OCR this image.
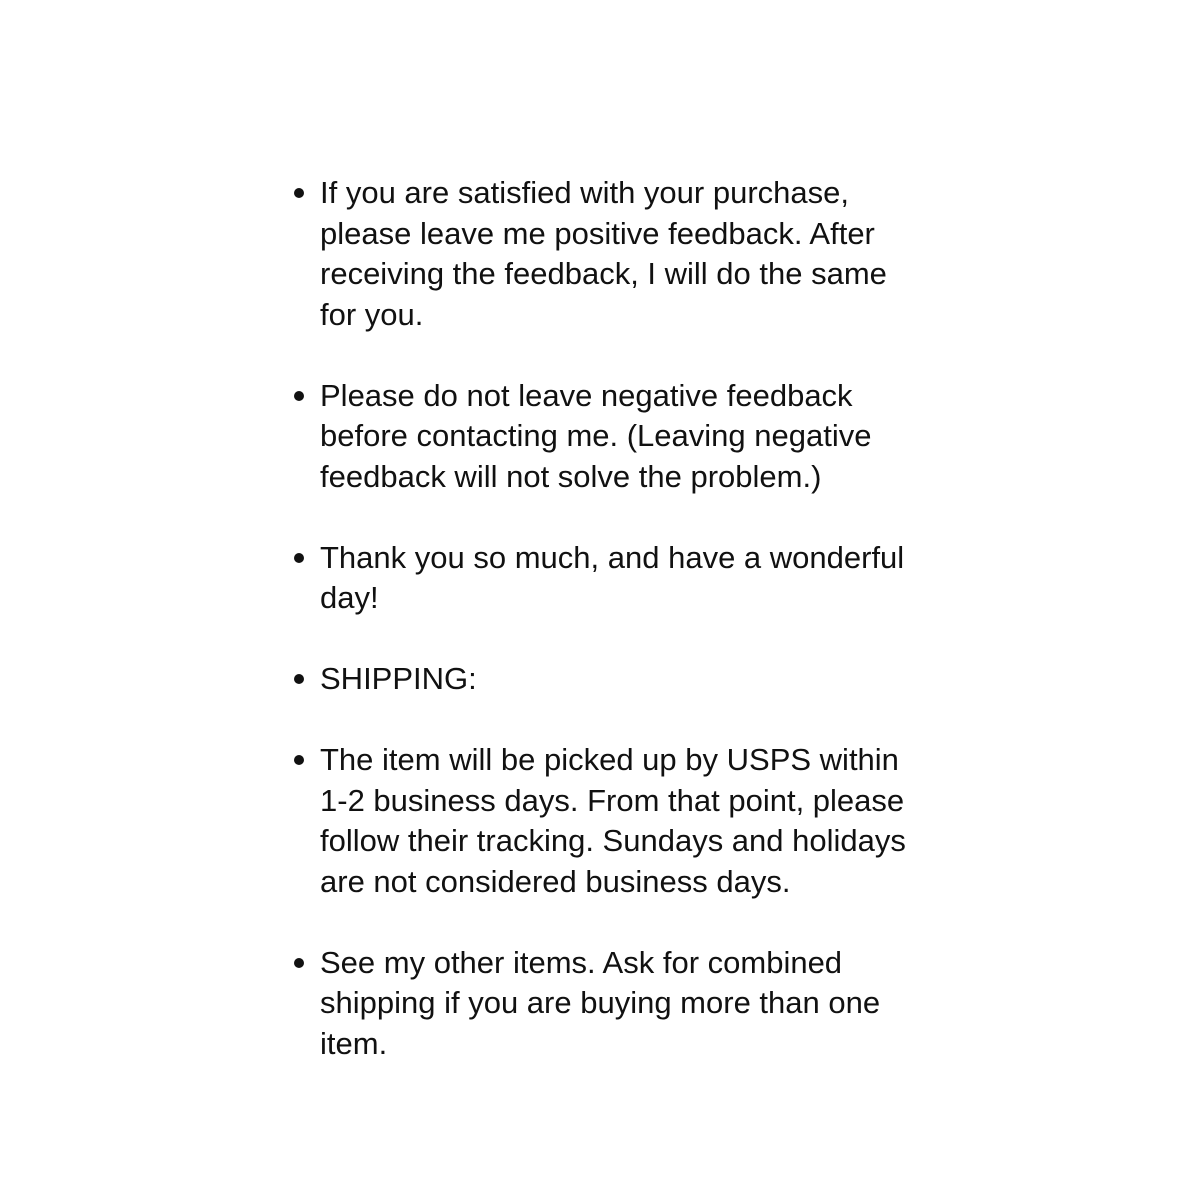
If you are satisfied with your purchase,
please leave me positive feedback. After
receiving the feedback, I will do the same
for you.
Please do not leave negative feedback
before contacting me. (Leaving negative
feedback will not solve the problem.)
Thank you so much, and have a wonderful
day!
SHIPPING:
The item will be picked up by USPS within
1-2 business days. From that point, please
follow their tracking. Sundays and holidays
are not considered business days.
See my other items. Ask for combined
shipping if you are buying more than one
item.
